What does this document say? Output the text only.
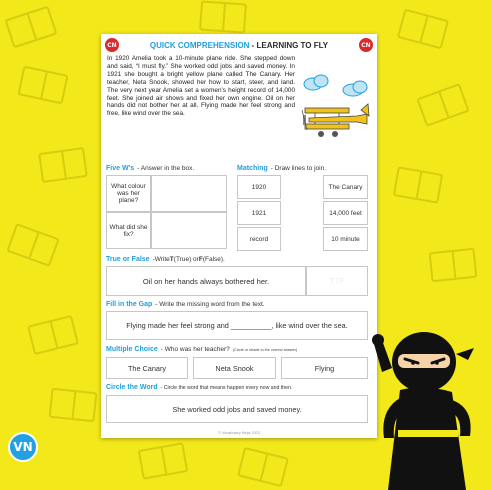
CN	CN
QUICK COMPREHENSION - LEARNING TO FLY

In 1920 Amelia took a 10-minute plane ride. She stepped down and said, “I must fly.” She worked odd jobs and saved money. In 1921 she bought a bright yellow plane called The Canary. Her teacher, Neta Snook, showed her how to start, steer, and land. The very next year Amelia set a women’s height record of 14,000 feet. She joined air shows and fixed her own engine. Oil on her hands did not bother her at all. Flying made her feel strong and free, like wind over the sea.

Five W's - Answer in the box.
What colour was her plane?
What did she fix?
Matching - Draw lines to join.
1920
1921
record
The Canary
14,000 feet
10 minute
True or False -Write T (True) or F (False).
Oil on her hands always bothered her.	T / F
Fill in the Gap - Write the missing word from the text.
Flying made her feel strong and __________, like wind over the sea.
Multiple Choice - Who was her teacher? (Circle or shade in the correct answer)
The Canary	Neta Snook	Flying
Circle the Word - Circle the word that means happen every now and then.
She worked odd jobs and saved money.
© Vocabulary Ninja 2023
VN
